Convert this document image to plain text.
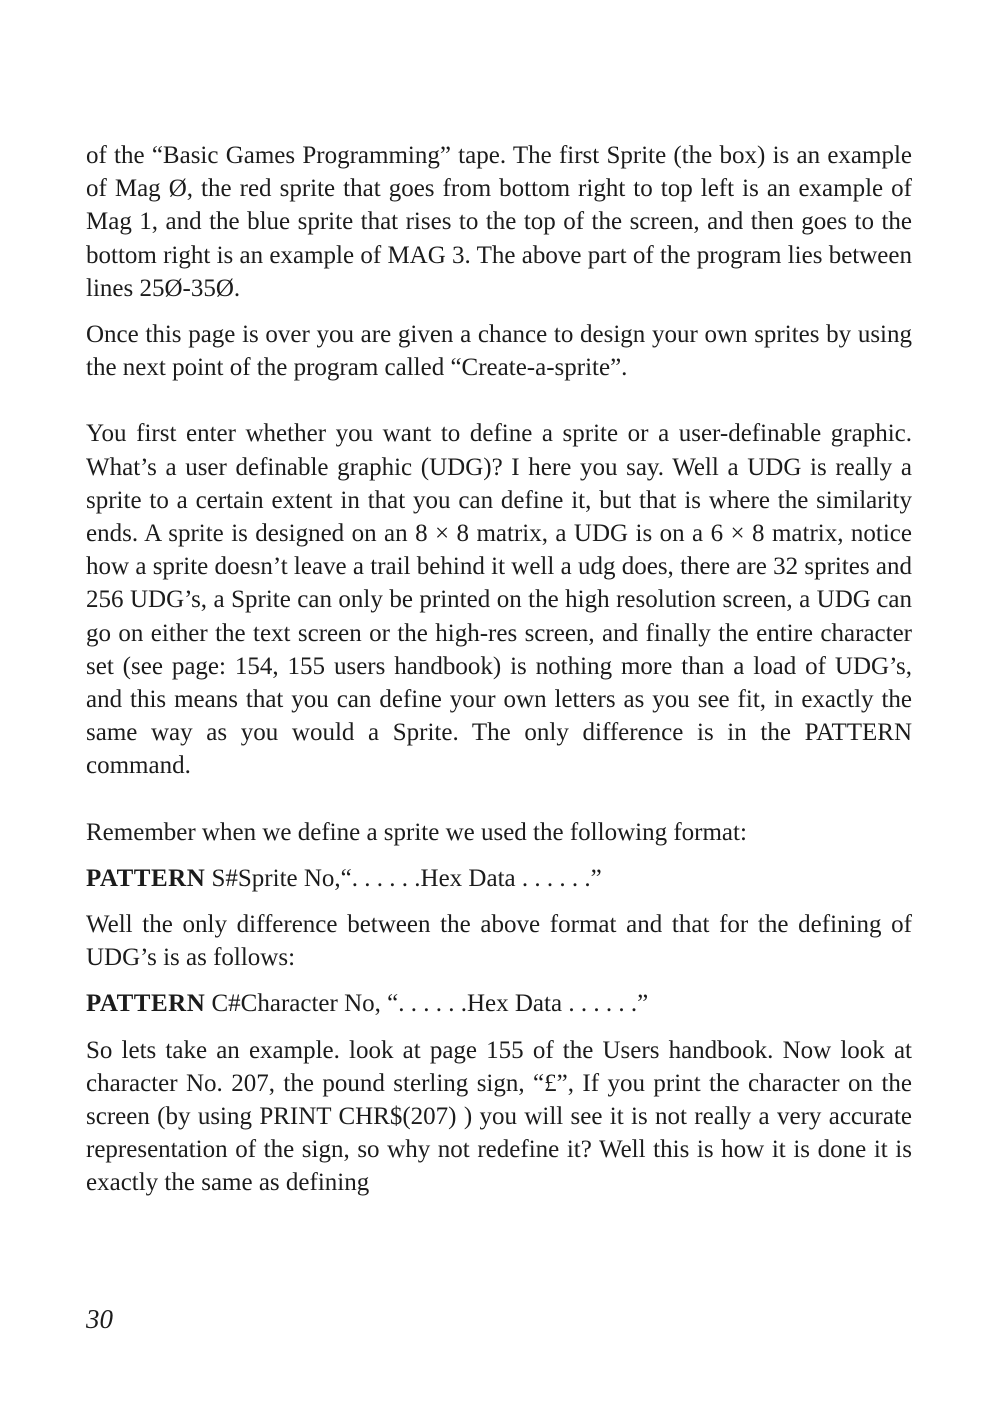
of the “Basic Games Programming” tape. The first Sprite (the box) is an example of Mag Ø, the red sprite that goes from bottom right to top left is an example of Mag 1, and the blue sprite that rises to the top of the screen, and then goes to the bottom right is an example of MAG 3. The above part of the program lies between lines 25Ø-35Ø.

Once this page is over you are given a chance to design your own sprites by using the next point of the program called “Create-a-sprite”.

You first enter whether you want to define a sprite or a user-definable graphic. What’s a user definable graphic (UDG)? I here you say. Well a UDG is really a sprite to a certain extent in that you can define it, but that is where the similarity ends. A sprite is designed on an 8 × 8 matrix, a UDG is on a 6 × 8 matrix, notice how a sprite doesn’t leave a trail behind it well a udg does, there are 32 sprites and 256 UDG’s, a Sprite can only be printed on the high resolution screen, a UDG can go on either the text screen or the high-res screen, and finally the entire character set (see page: 154, 155 users handbook) is nothing more than a load of UDG’s, and this means that you can define your own letters as you see fit, in exactly the same way as you would a Sprite. The only difference is in the PATTERN command.

Remember when we define a sprite we used the following format:

PATTERN S#Sprite No,“. . . . . .Hex Data . . . . . .”

Well the only difference between the above format and that for the defining of UDG’s is as follows:

PATTERN C#Character No, “. . . . . .Hex Data . . . . . .”

So lets take an example. look at page 155 of the Users handbook. Now look at character No. 207, the pound sterling sign, “£”, If you print the character on the screen (by using PRINT CHR$(207) ) you will see it is not really a very accurate representation of the sign, so why not redefine it? Well this is how it is done it is exactly the same as defining

30
